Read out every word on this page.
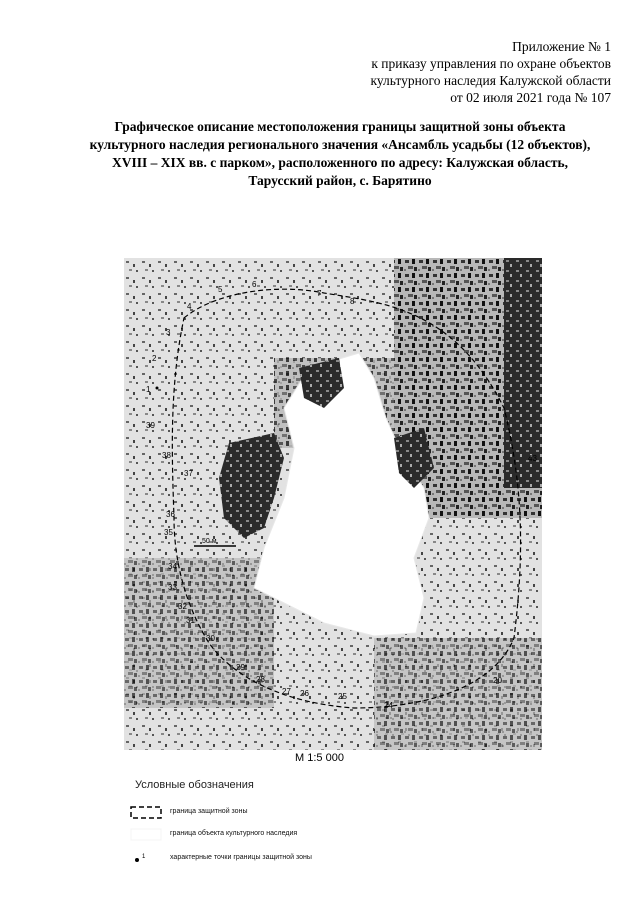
Приложение № 1
к приказу управления по охране объектов
культурного наследия Калужской области
от 02 июля 2021 года № 107
Графическое описание местоположения границы защитной зоны объекта
культурного наследия регионального значения «Ансамбль усадьбы (12 объектов),
XVIII – XIX вв. с парком», расположенного по адресу: Калужская область,
Тарусский район, с. Барятино
50 м
1
2
3
4
5
6
7
8
20
24
25
26
27
28
29
30
31
32
33
34
35
36
37
38
39
43
М 1:5 000
Условные обозначения
граница защитной зоны
граница объекта культурного наследия
1	характерные точки границы защитной зоны
